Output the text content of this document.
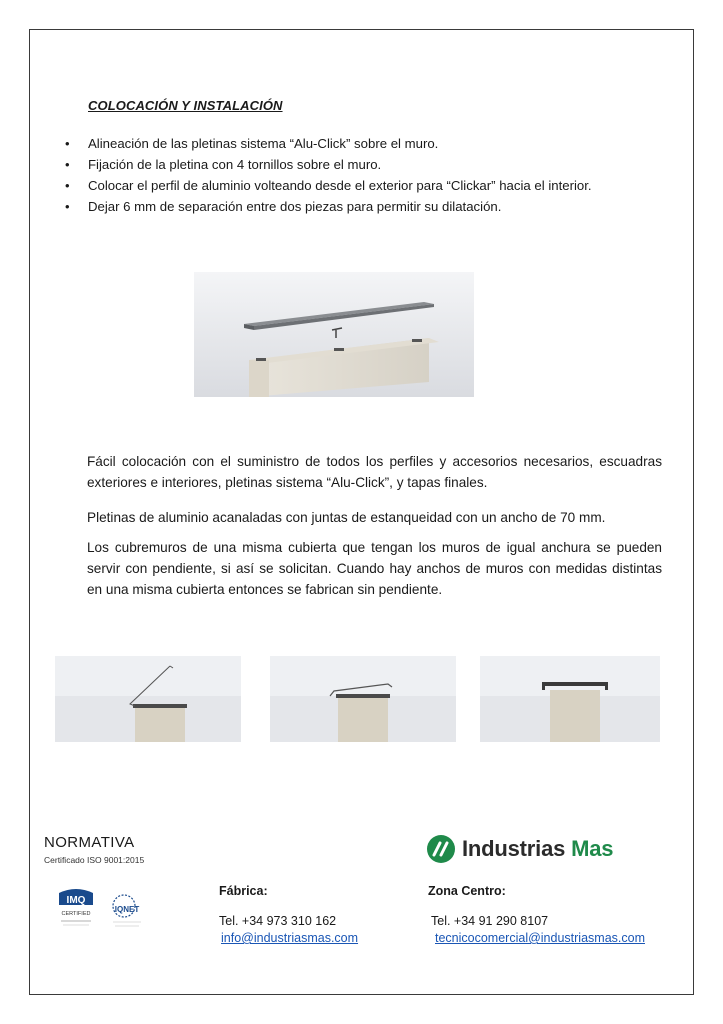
COLOCACIÓN Y INSTALACIÓN
• Alineación de las pletinas sistema “Alu-Click” sobre el muro.
• Fijación de la pletina con 4 tornillos sobre el muro.
• Colocar el perfil de aluminio volteando desde el exterior para “Clickar” hacia el interior.
• Dejar 6 mm de separación entre dos piezas para permitir su dilatación.

Fácil colocación con el suministro de todos los perfiles y accesorios necesarios, escuadras exteriores e interiores, pletinas sistema “Alu-Click”, y tapas finales.

Pletinas de aluminio acanaladas con juntas de estanqueidad con un ancho de 70 mm.

Los cubremuros de una misma cubierta que tengan los muros de igual anchura se pueden servir con pendiente, si así se solicitan. Cuando hay anchos de muros con medidas distintas en una misma cubierta entonces se fabrican sin pendiente.

NORMATIVA
Certificado ISO 9001:2015
IMQ
CERTIFIED	IQNET
Industrias Mas
Fábrica:
Tel. +34 973 310 162
info@industriasmas.com
Zona Centro:
Tel. +34 91 290 8107
tecnicocomercial@industriasmas.com
